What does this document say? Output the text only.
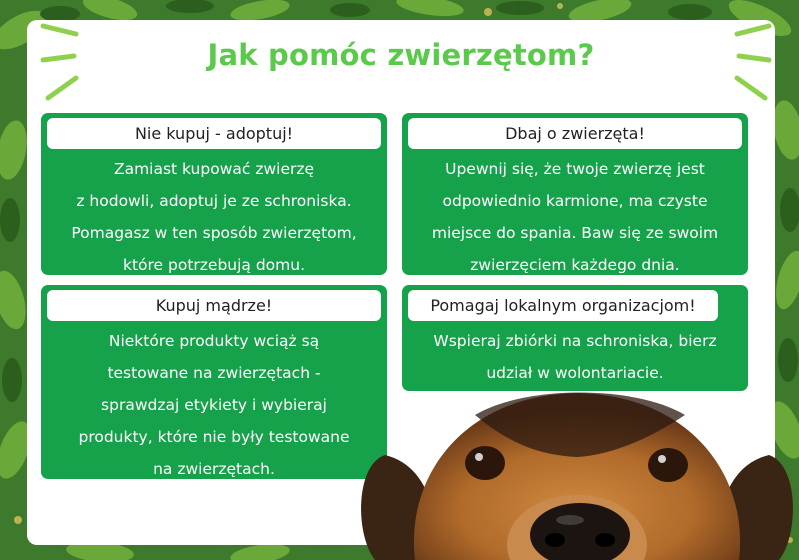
Jak pomóc zwierzętom?
Nie kupuj - adoptuj!
Zamiast kupować zwierzę
z hodowli, adoptuj je ze schroniska.
Pomagasz w ten sposób zwierzętom,
które potrzebują domu.
Dbaj o zwierzęta!
Upewnij się, że twoje zwierzę jest
odpowiednio karmione, ma czyste
miejsce do spania. Baw się ze swoim
zwierzęciem każdego dnia.
Kupuj mądrze!
Niektóre produkty wciąż są
testowane na zwierzętach -
sprawdzaj etykiety i wybieraj
produkty, które nie były testowane
na zwierzętach.
Pomagaj lokalnym organizacjom!
Wspieraj zbiórki na schroniska, bierz
udział w wolontariacie.
